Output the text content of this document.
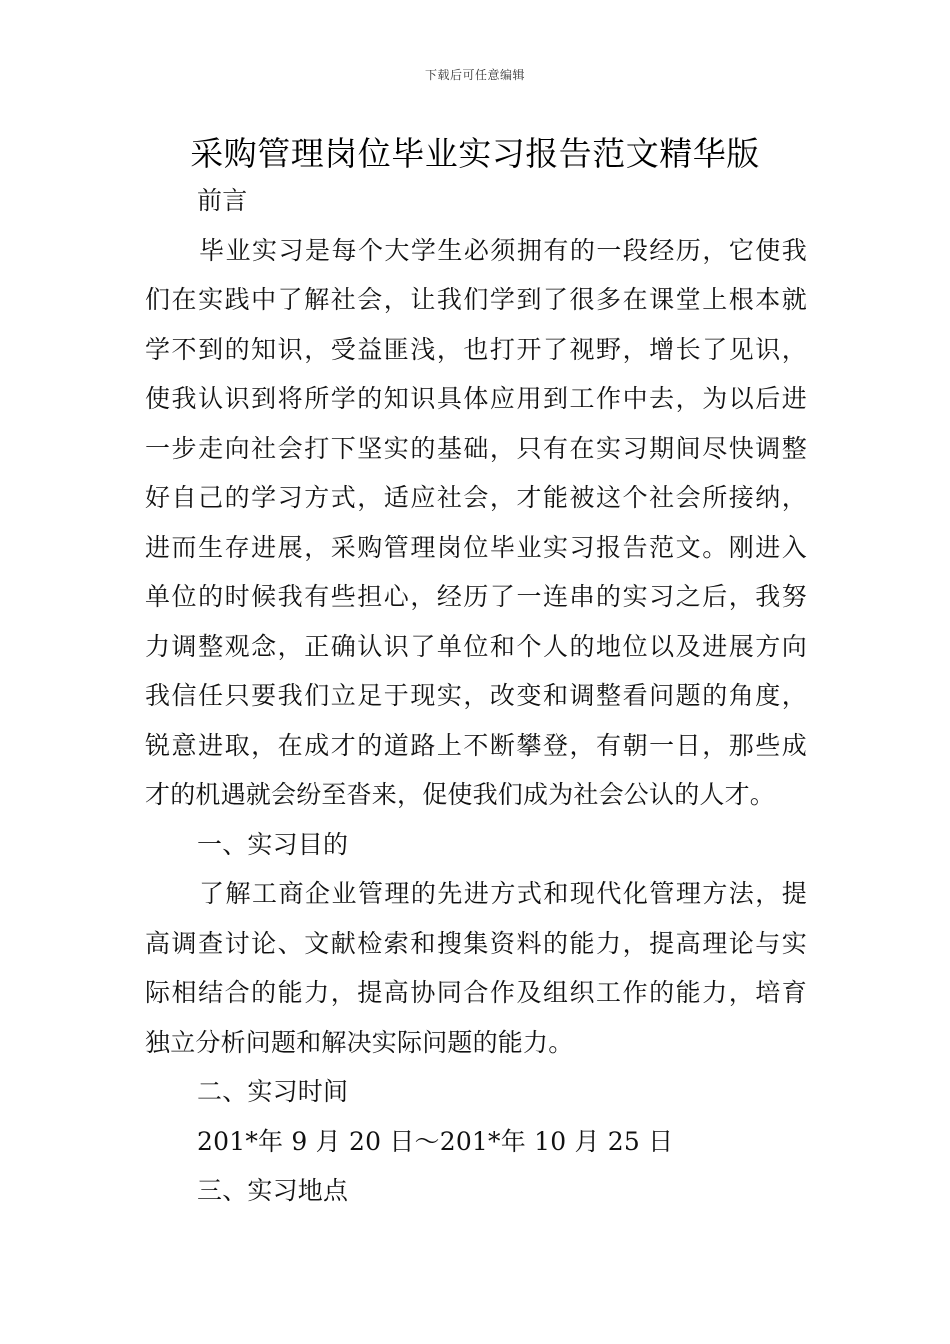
下载后可任意编辑
采购管理岗位毕业实习报告范文精华版
前言
毕业实习是每个大学生必须拥有的一段经历，它使我
们在实践中了解社会，让我们学到了很多在课堂上根本就
学不到的知识，受益匪浅，也打开了视野，增长了见识，
使我认识到将所学的知识具体应用到工作中去，为以后进
一步走向社会打下坚实的基础，只有在实习期间尽快调整
好自己的学习方式，适应社会，才能被这个社会所接纳，
进而生存进展，采购管理岗位毕业实习报告范文。刚进入
单位的时候我有些担心，经历了一连串的实习之后，我努
力调整观念，正确认识了单位和个人的地位以及进展方向
我信任只要我们立足于现实，改变和调整看问题的角度，
锐意进取，在成才的道路上不断攀登，有朝一日，那些成
才的机遇就会纷至沓来，促使我们成为社会公认的人才。
一、实习目的
了解工商企业管理的先进方式和现代化管理方法，提
高调查讨论、文献检索和搜集资料的能力，提高理论与实
际相结合的能力，提高协同合作及组织工作的能力，培育
独立分析问题和解决实际问题的能力。
二、实习时间
201*年 9 月 20 日～201*年 10 月 25 日
三、实习地点
